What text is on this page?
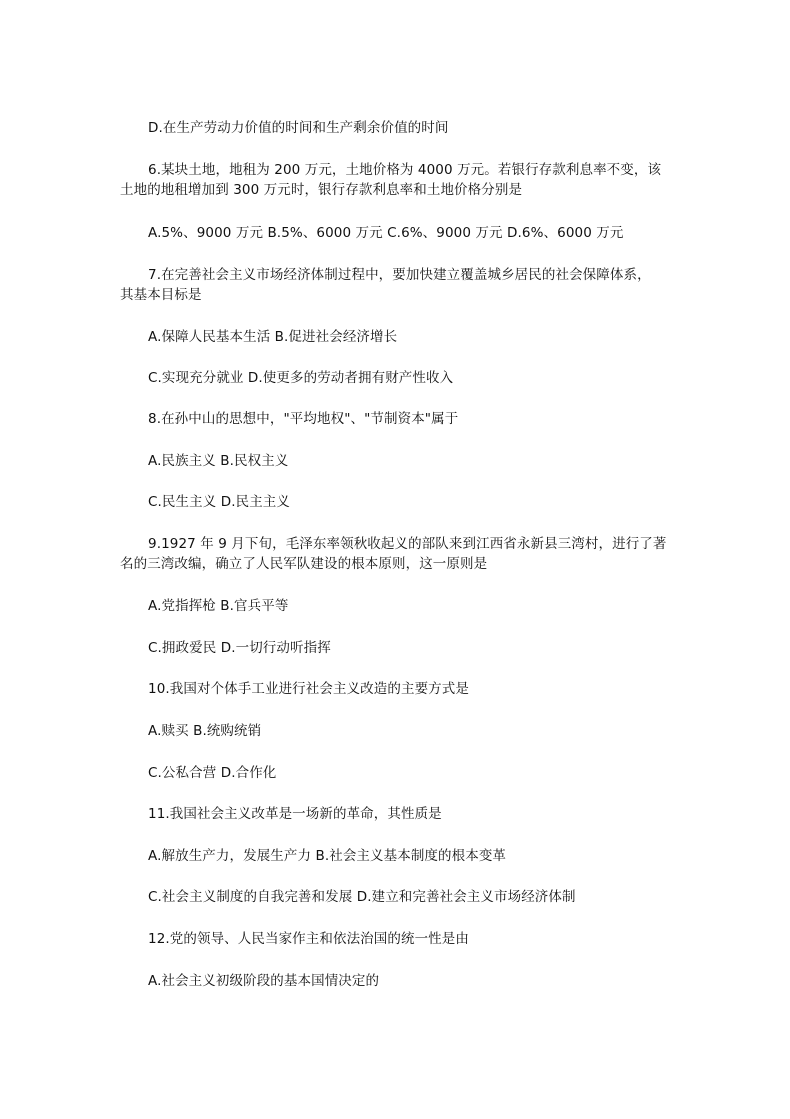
D.在生产劳动力价值的时间和生产剩余价值的时间
6.某块土地，地租为 200 万元，土地价格为 4000 万元。若银行存款利息率不变，该
土地的地租增加到 300 万元时，银行存款利息率和土地价格分别是
A.5%、9000 万元 B.5%、6000 万元 C.6%、9000 万元 D.6%、6000 万元
7.在完善社会主义市场经济体制过程中，要加快建立覆盖城乡居民的社会保障体系，
其基本目标是
A.保障人民基本生活 B.促进社会经济增长
C.实现充分就业 D.使更多的劳动者拥有财产性收入
8.在孙中山的思想中，"平均地权"、"节制资本"属于
A.民族主义 B.民权主义
C.民生主义 D.民主主义
9.1927 年 9 月下旬，毛泽东率领秋收起义的部队来到江西省永新县三湾村，进行了著
名的三湾改编，确立了人民军队建设的根本原则，这一原则是
A.党指挥枪 B.官兵平等
C.拥政爱民 D.一切行动听指挥
10.我国对个体手工业进行社会主义改造的主要方式是
A.赎买 B.统购统销
C.公私合营 D.合作化
11.我国社会主义改革是一场新的革命，其性质是
A.解放生产力，发展生产力 B.社会主义基本制度的根本变革
C.社会主义制度的自我完善和发展 D.建立和完善社会主义市场经济体制
12.党的领导、人民当家作主和依法治国的统一性是由
A.社会主义初级阶段的基本国情决定的
